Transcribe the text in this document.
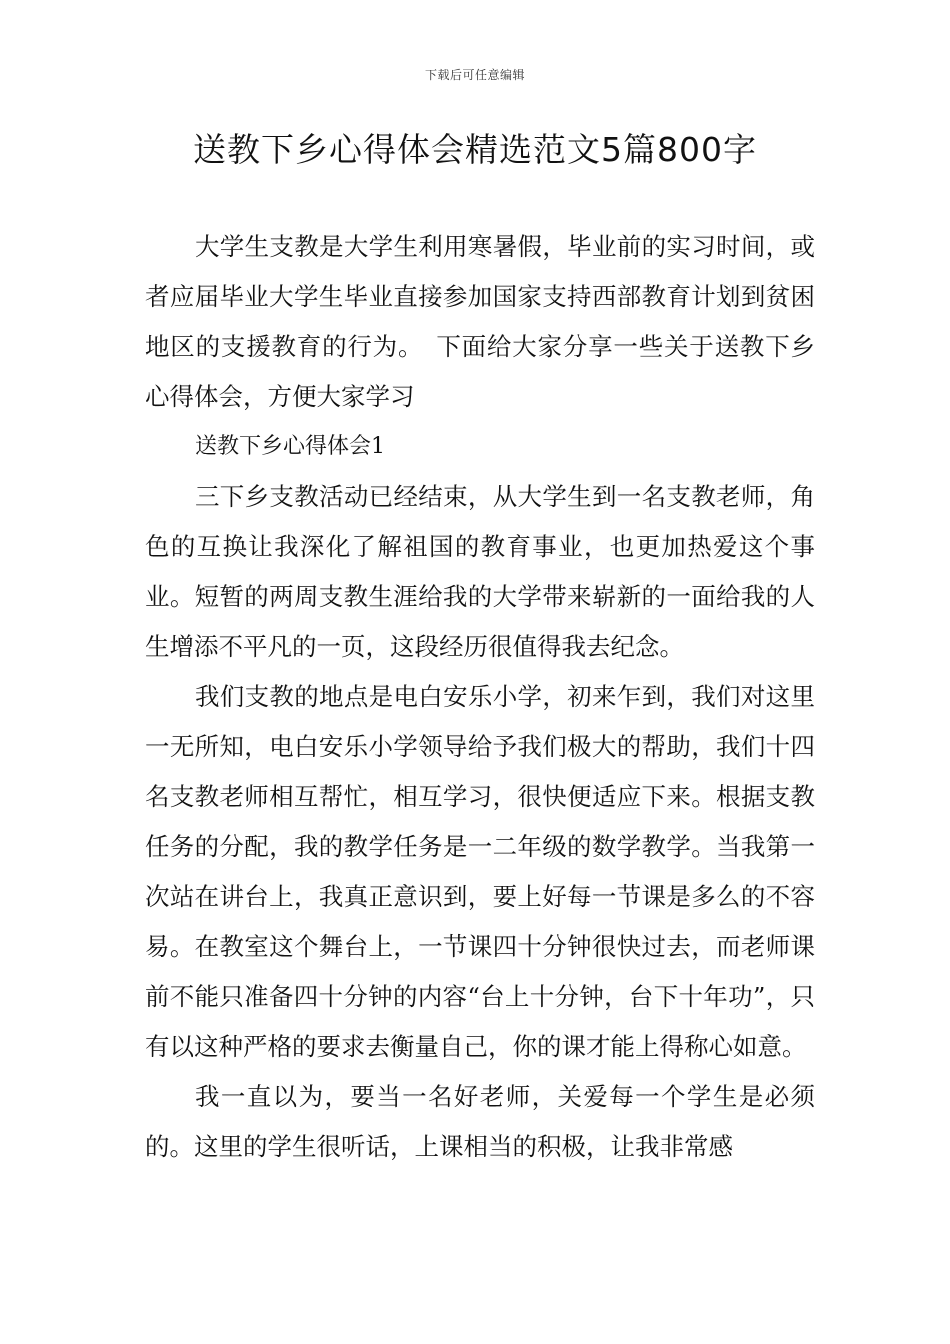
下载后可任意编辑
送教下乡心得体会精选范文5篇800字

大学生支教是大学生利用寒暑假，毕业前的实习时间，或者应届毕业大学生毕业直接参加国家支持西部教育计划到贫困地区的支援教育的行为。　下面给大家分享一些关于送教下乡心得体会，方便大家学习

送教下乡心得体会1

三下乡支教活动已经结束，从大学生到一名支教老师，角色的互换让我深化了解祖国的教育事业，也更加热爱这个事业。短暂的两周支教生涯给我的大学带来崭新的一面给我的人生增添不平凡的一页，这段经历很值得我去纪念。

我们支教的地点是电白安乐小学，初来乍到，我们对这里一无所知，电白安乐小学领导给予我们极大的帮助，我们十四名支教老师相互帮忙，相互学习，很快便适应下来。根据支教任务的分配，我的教学任务是一二年级的数学教学。当我第一次站在讲台上，我真正意识到，要上好每一节课是多么的不容易。在教室这个舞台上，一节课四十分钟很快过去，而老师课前不能只准备四十分钟的内容“台上十分钟，台下十年功”，只有以这种严格的要求去衡量自己，你的课才能上得称心如意。

我一直以为，要当一名好老师，关爱每一个学生是必须的。这里的学生很听话，上课相当的积极，让我非常感
